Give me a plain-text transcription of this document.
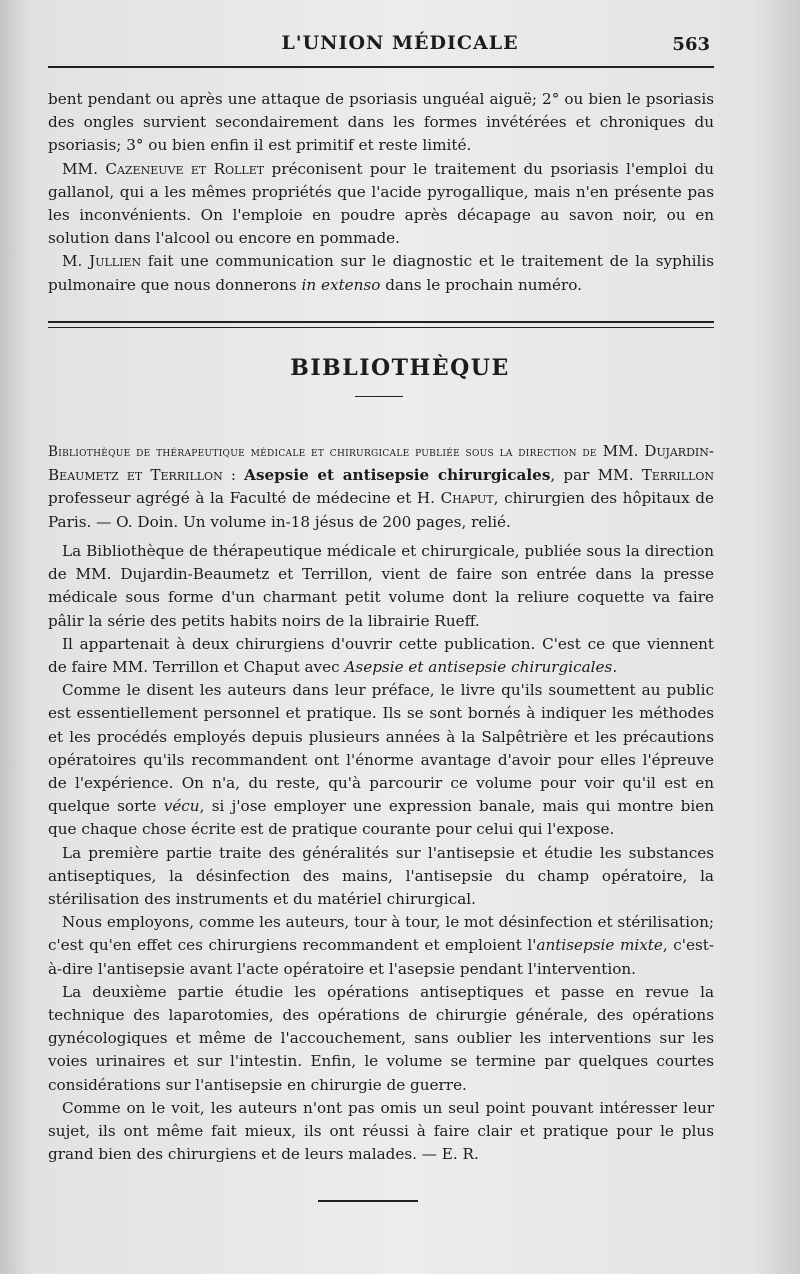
L'UNION MÉDICALE	563

bent pendant ou après une attaque de psoriasis unguéal aiguë; 2° ou bien le psoriasis des ongles survient secondairement dans les formes invétérées et chroniques du psoriasis; 3° ou bien enfin il est primitif et reste limité.

MM. Cazeneuve et Rollet préconisent pour le traitement du psoriasis l'emploi du gallanol, qui a les mêmes propriétés que l'acide pyrogallique, mais n'en présente pas les inconvénients. On l'emploie en poudre après décapage au savon noir, ou en solution dans l'alcool ou encore en pommade.

M. Jullien fait une communication sur le diagnostic et le traitement de la syphilis pulmonaire que nous donnerons in extenso dans le prochain numéro.

BIBLIOTHÈQUE

Bibliothèque de thérapeutique médicale et chirurgicale publiée sous la direction de MM. Dujardin-Beaumetz et Terrillon : Asepsie et antisepsie chirurgicales, par MM. Terrillon professeur agrégé à la Faculté de médecine et H. Chaput, chirurgien des hôpitaux de Paris. — O. Doin. Un volume in-18 jésus de 200 pages, relié.

La Bibliothèque de thérapeutique médicale et chirurgicale, publiée sous la direction de MM. Dujardin-Beaumetz et Terrillon, vient de faire son entrée dans la presse médicale sous forme d'un charmant petit volume dont la reliure coquette va faire pâlir la série des petits habits noirs de la librairie Rueff.

Il appartenait à deux chirurgiens d'ouvrir cette publication. C'est ce que viennent de faire MM. Terrillon et Chaput avec Asepsie et antisepsie chirurgicales.

Comme le disent les auteurs dans leur préface, le livre qu'ils soumettent au public est essentiellement personnel et pratique. Ils se sont bornés à indiquer les méthodes et les procédés employés depuis plusieurs années à la Salpêtrière et les précautions opératoires qu'ils recommandent ont l'énorme avantage d'avoir pour elles l'épreuve de l'expérience. On n'a, du reste, qu'à parcourir ce volume pour voir qu'il est en quelque sorte vécu, si j'ose employer une expression banale, mais qui montre bien que chaque chose écrite est de pratique courante pour celui qui l'expose.

La première partie traite des généralités sur l'antisepsie et étudie les substances antiseptiques, la désinfection des mains, l'antisepsie du champ opératoire, la stérilisation des instruments et du matériel chirurgical.

Nous employons, comme les auteurs, tour à tour, le mot désinfection et stérilisation; c'est qu'en effet ces chirurgiens recommandent et emploient l'antisepsie mixte, c'est-à-dire l'antisepsie avant l'acte opératoire et l'asepsie pendant l'intervention.

La deuxième partie étudie les opérations antiseptiques et passe en revue la technique des laparotomies, des opérations de chirurgie générale, des opérations gynécologiques et même de l'accouchement, sans oublier les interventions sur les voies urinaires et sur l'intestin. Enfin, le volume se termine par quelques courtes considérations sur l'antisepsie en chirurgie de guerre.

Comme on le voit, les auteurs n'ont pas omis un seul point pouvant intéresser leur sujet, ils ont même fait mieux, ils ont réussi à faire clair et pratique pour le plus grand bien des chirurgiens et de leurs malades. — E. R.
